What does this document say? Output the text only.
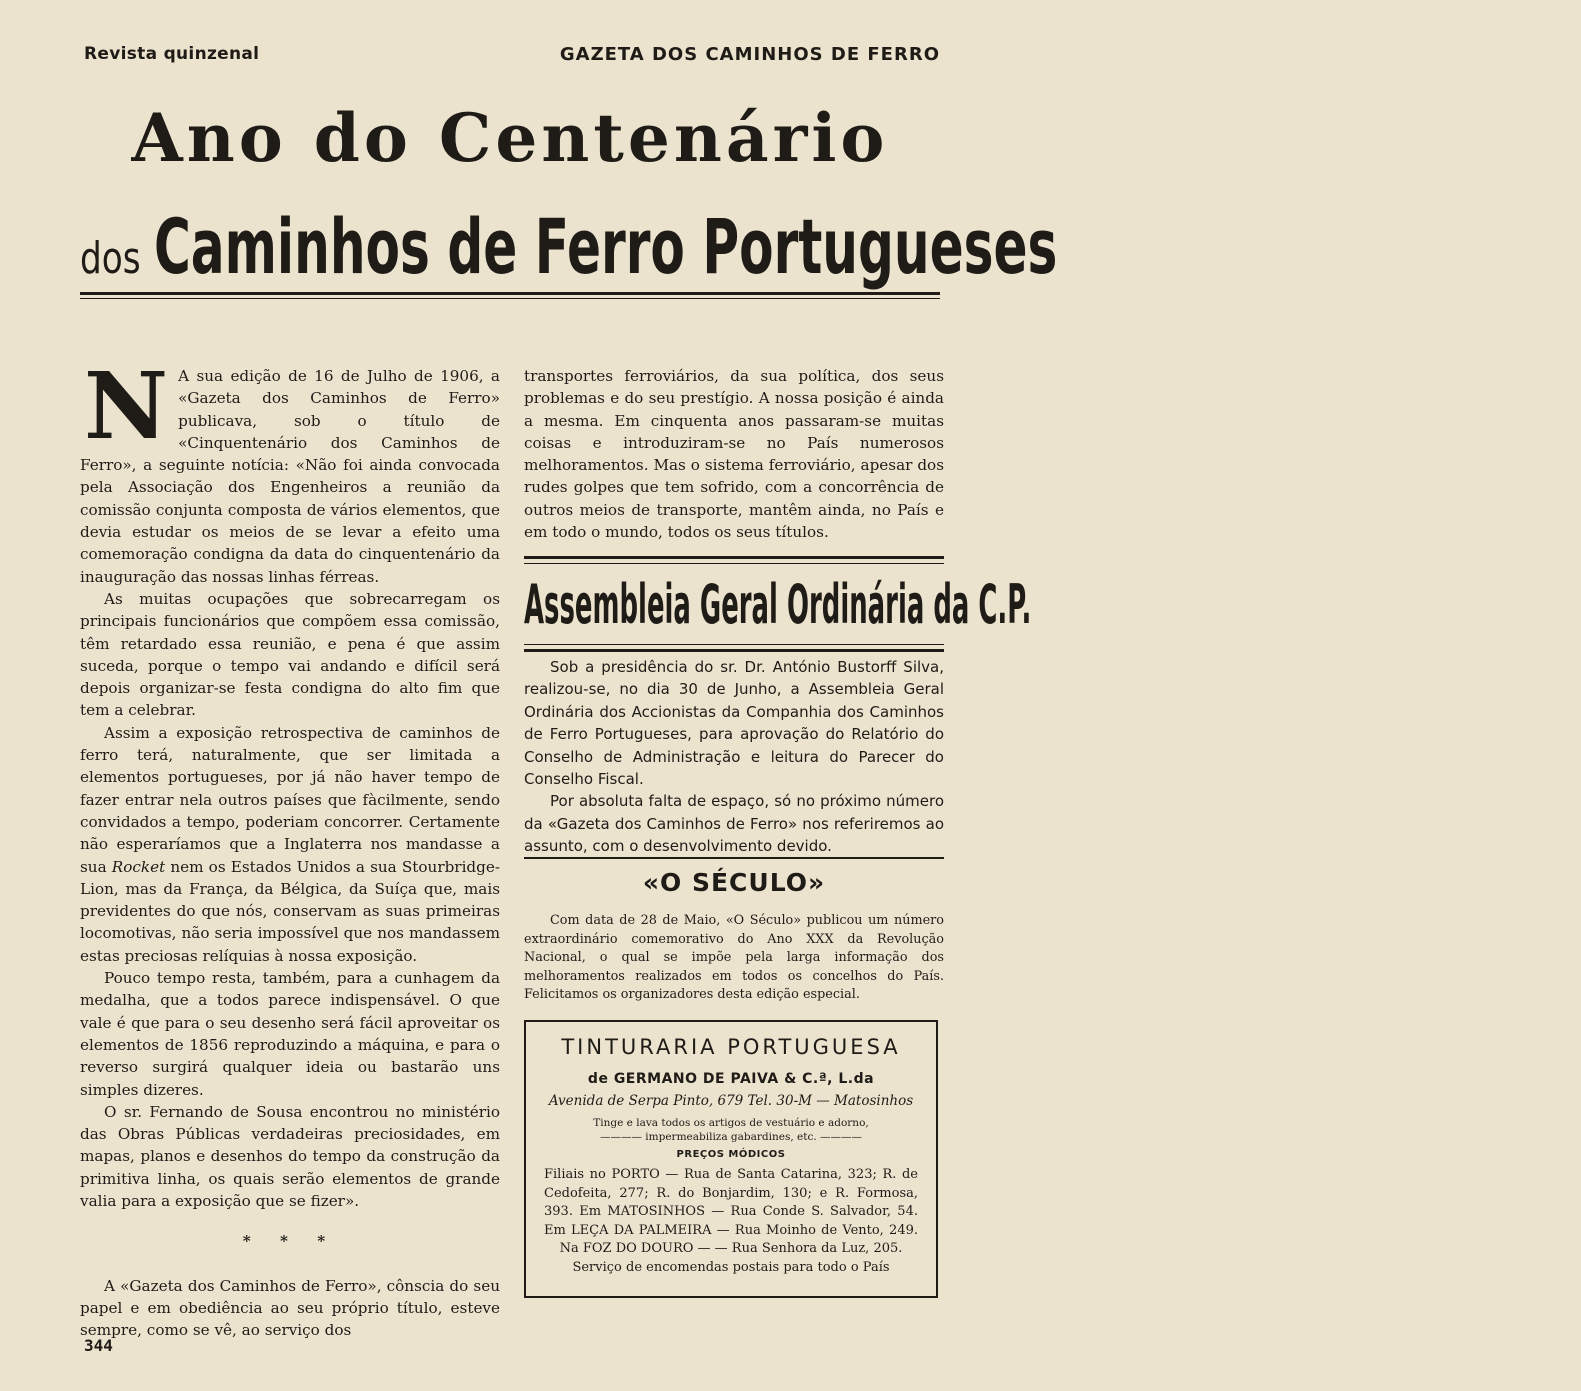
Revista quinzenal	GAZETA DOS CAMINHOS DE FERRO
Ano do Centenário
dos Caminhos de Ferro Portugueses

N A sua edição de 16 de Julho de 1906, a «Gazeta dos Caminhos de Ferro» publicava, sob o título de «Cinquentenário dos Caminhos de Ferro», a seguinte notícia: «Não foi ainda convocada pela Associação dos Engenheiros a reunião da comissão conjunta composta de vários elementos, que devia estudar os meios de se levar a efeito uma comemoração condigna da data do cinquentenário da inauguração das nossas linhas férreas.

As muitas ocupações que sobrecarregam os principais funcionários que compõem essa comissão, têm retardado essa reunião, e pena é que assim suceda, porque o tempo vai andando e difícil será depois organizar-se festa condigna do alto fim que tem a celebrar.

Assim a exposição retrospectiva de caminhos de ferro terá, naturalmente, que ser limitada a elementos portugueses, por já não haver tempo de fazer entrar nela outros países que fàcilmente, sendo convidados a tempo, poderiam concorrer. Certamente não esperaríamos que a Inglaterra nos mandasse a sua Rocket nem os Estados Unidos a sua Stourbridge-Lion, mas da França, da Bélgica, da Suíça que, mais previdentes do que nós, conservam as suas primeiras locomotivas, não seria impossível que nos mandassem estas preciosas relíquias à nossa exposição.

Pouco tempo resta, também, para a cunhagem da medalha, que a todos parece indispensável. O que vale é que para o seu desenho será fácil aproveitar os elementos de 1856 reproduzindo a máquina, e para o reverso surgirá qualquer ideia ou bastarão uns simples dizeres.

O sr. Fernando de Sousa encontrou no ministério das Obras Públicas verdadeiras preciosidades, em mapas, planos e desenhos do tempo da construção da primitiva linha, os quais serão elementos de grande valia para a exposição que se fizer».

* * *

A «Gazeta dos Caminhos de Ferro», cônscia do seu papel e em obediência ao seu próprio título, esteve sempre, como se vê, ao serviço dos

transportes ferroviários, da sua política, dos seus problemas e do seu prestígio. A nossa posição é ainda a mesma. Em cinquenta anos passaram-se muitas coisas e introduziram-se no País numerosos melhoramentos. Mas o sistema ferroviário, apesar dos rudes golpes que tem sofrido, com a concorrência de outros meios de transporte, mantêm ainda, no País e em todo o mundo, todos os seus títulos.

Assembleia Geral Ordinária da C.P.

Sob a presidência do sr. Dr. António Bustorff Silva, realizou-se, no dia 30 de Junho, a Assembleia Geral Ordinária dos Accionistas da Companhia dos Caminhos de Ferro Portugueses, para aprovação do Relatório do Conselho de Administração e leitura do Parecer do Conselho Fiscal.

Por absoluta falta de espaço, só no próximo número da «Gazeta dos Caminhos de Ferro» nos referiremos ao assunto, com o desenvolvimento devido.

«O SÉCULO»

Com data de 28 de Maio, «O Século» publicou um número extraordinário comemorativo do Ano XXX da Revolução Nacional, o qual se impõe pela larga informação dos melhoramentos realizados em todos os concelhos do País. Felicitamos os organizadores desta edição especial.

TINTURARIA PORTUGUESA
de GERMANO DE PAIVA & C.ª, L.da
Avenida de Serpa Pinto, 679 Tel. 30-M — Matosinhos
Tinge e lava todos os artigos de vestuário e adorno,
———— impermeabiliza gabardines, etc. ————
PREÇOS MÓDICOS
Filiais no PORTO — Rua de Santa Catarina, 323; R. de Cedofeita, 277; R. do Bonjardim, 130; e R. Formosa, 393. Em MATOSINHOS — Rua Conde S. Salvador, 54. Em LEÇA DA PALMEIRA — Rua Moinho de Vento, 249. Na FOZ DO DOURO — — Rua Senhora da Luz, 205.
Serviço de encomendas postais para todo o País
344
